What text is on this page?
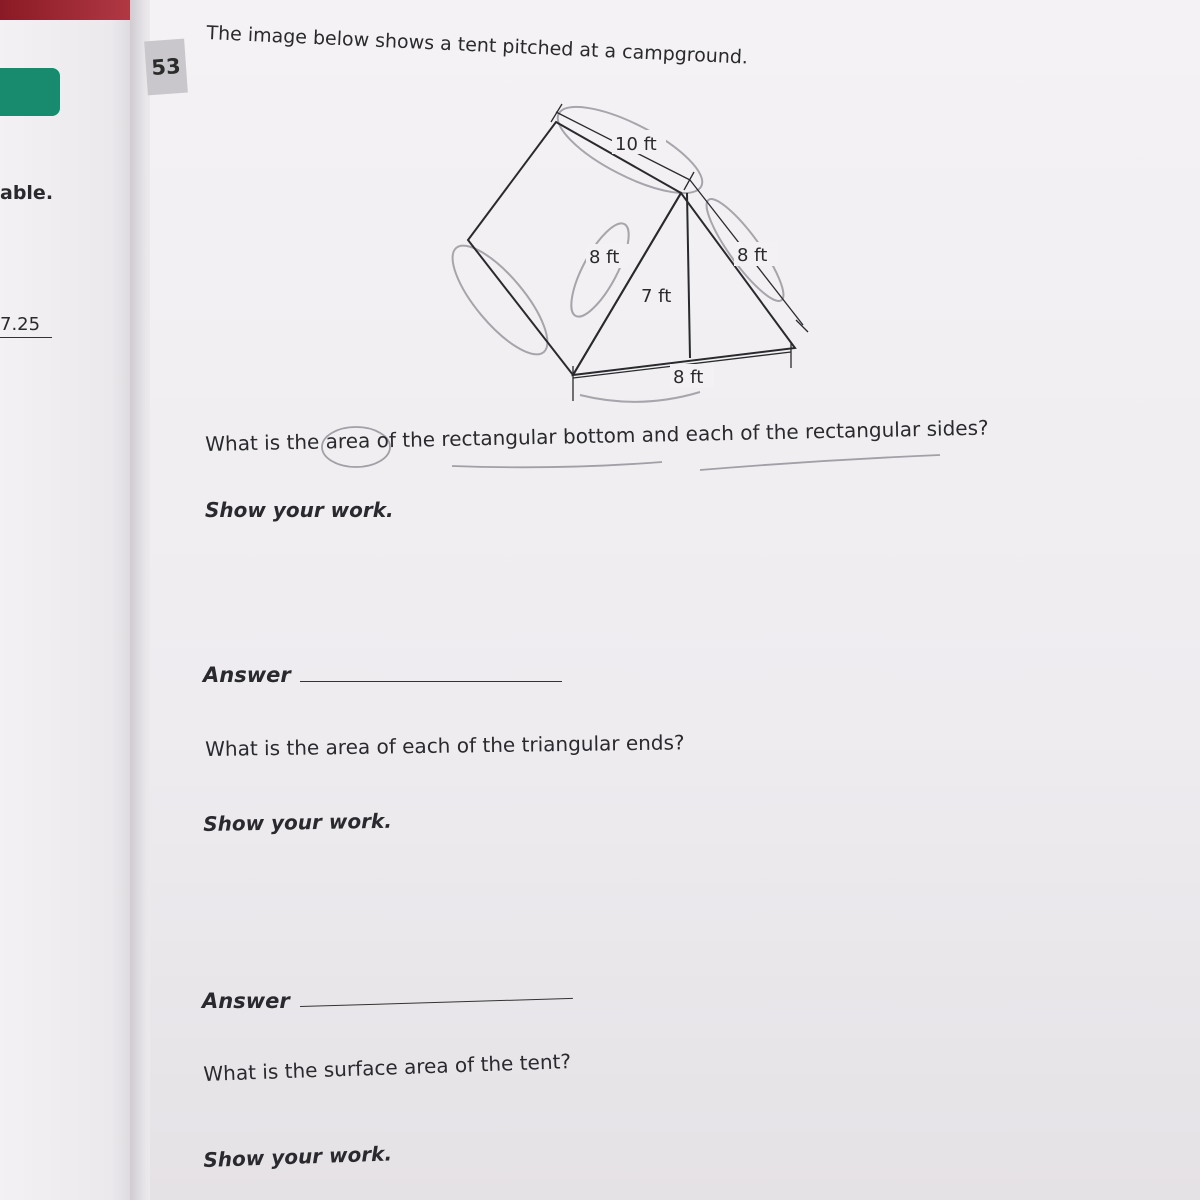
able.
7.25
53	The image below shows a tent pitched at a campground.
10 ft
8 ft	8 ft
7 ft
8 ft
What is the area of the rectangular bottom and each of the rectangular sides?
Show your work.
Answer
What is the area of each of the triangular ends?
Show your work.
Answer
What is the surface area of the tent?
Show your work.
